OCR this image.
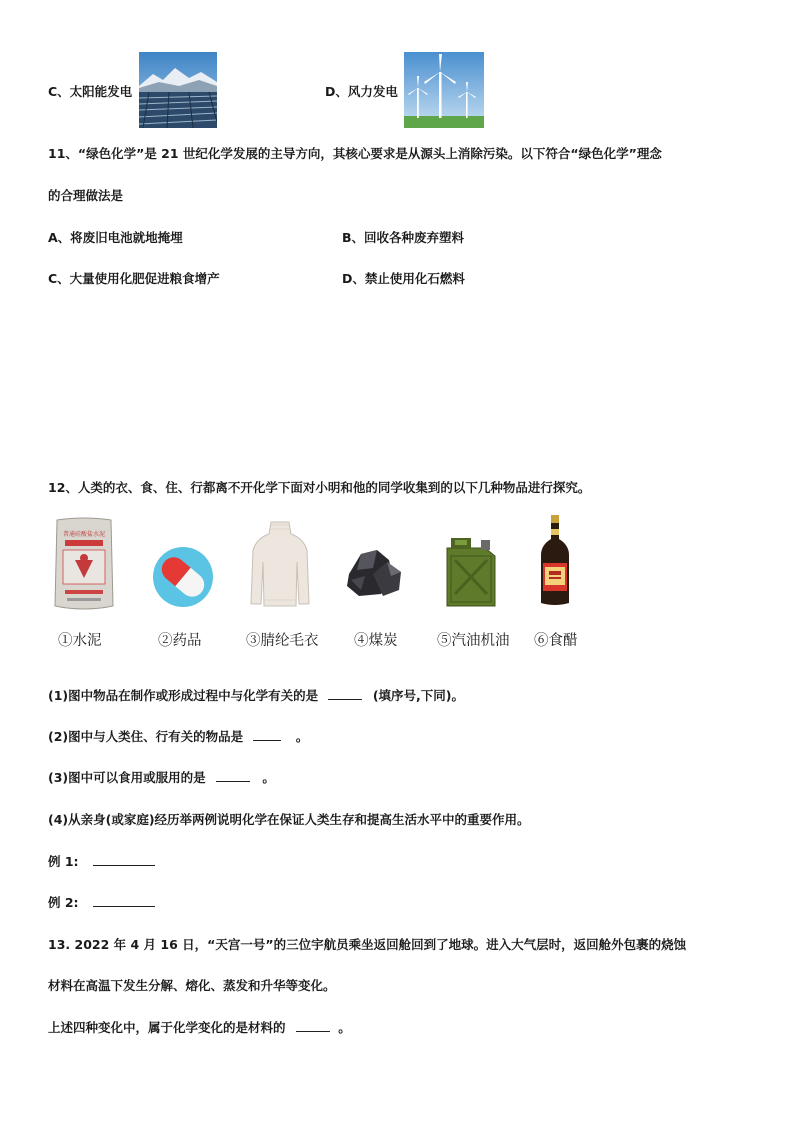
C、太阳能发电	D、风力发电
11、“绿色化学”是 21 世纪化学发展的主导方向，其核心要求是从源头上消除污染。以下符合“绿色化学”理念
的合理做法是
A、将废旧电池就地掩埋	B、回收各种废弃塑料
C、大量使用化肥促进粮食增产	D、禁止使用化石燃料
12、人类的衣、食、住、行都离不开化学下面对小明和他的同学收集到的以下几种物品进行探究。
普通硅酸盐水泥
①水泥	②药品	③腈纶毛衣 ④煤炭	⑤汽油机油 ⑥食醋
(1)图中物品在制作或形成过程中与化学有关的是	(填序号,下同)。
(2)图中与人类住、行有关的物品是	。
(3)图中可以食用或服用的是	。
(4)从亲身(或家庭)经历举两例说明化学在保证人类生存和提高生活水平中的重要作用。
例 1:
例 2:
13. 2022 年 4 月 16 日，“天宫一号”的三位宇航员乘坐返回舱回到了地球。进入大气层时，返回舱外包裹的烧蚀
材料在高温下发生分解、熔化、蒸发和升华等变化。
上述四种变化中，属于化学变化的是材料的	。
